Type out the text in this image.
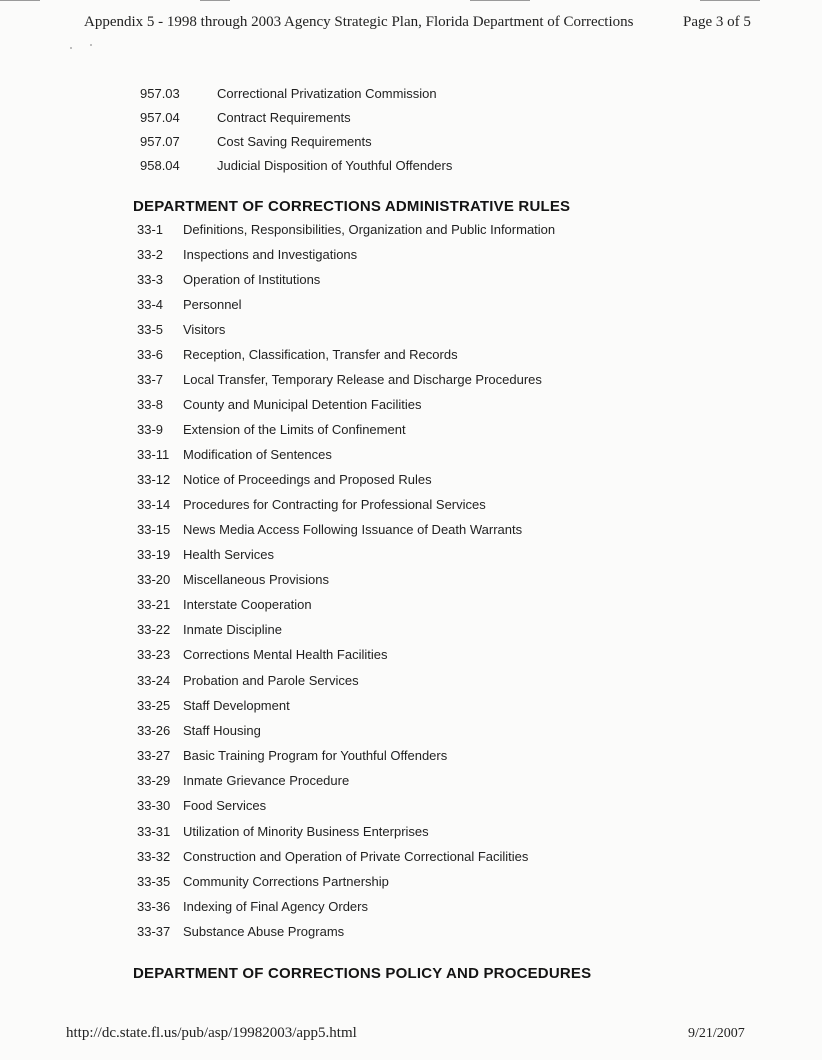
Appendix 5 - 1998 through 2003 Agency Strategic Plan, Florida Department of Corrections	Page 3 of 5
957.03	Correctional Privatization Commission
957.04	Contract Requirements
957.07	Cost Saving Requirements
958.04	Judicial Disposition of Youthful Offenders
DEPARTMENT OF CORRECTIONS ADMINISTRATIVE RULES
33-1 Definitions, Responsibilities, Organization and Public Information
33-2 Inspections and Investigations
33-3 Operation of Institutions
33-4 Personnel
33-5 Visitors
33-6 Reception, Classification, Transfer and Records
33-7 Local Transfer, Temporary Release and Discharge Procedures
33-8 County and Municipal Detention Facilities
33-9 Extension of the Limits of Confinement
33-11 Modification of Sentences
33-12 Notice of Proceedings and Proposed Rules
33-14 Procedures for Contracting for Professional Services
33-15 News Media Access Following Issuance of Death Warrants
33-19 Health Services
33-20 Miscellaneous Provisions
33-21 Interstate Cooperation
33-22 Inmate Discipline
33-23 Corrections Mental Health Facilities
33-24 Probation and Parole Services
33-25 Staff Development
33-26 Staff Housing
33-27 Basic Training Program for Youthful Offenders
33-29 Inmate Grievance Procedure
33-30 Food Services
33-31 Utilization of Minority Business Enterprises
33-32 Construction and Operation of Private Correctional Facilities
33-35 Community Corrections Partnership
33-36 Indexing of Final Agency Orders
33-37 Substance Abuse Programs
DEPARTMENT OF CORRECTIONS POLICY AND PROCEDURES
http://dc.state.fl.us/pub/asp/19982003/app5.html	9/21/2007
